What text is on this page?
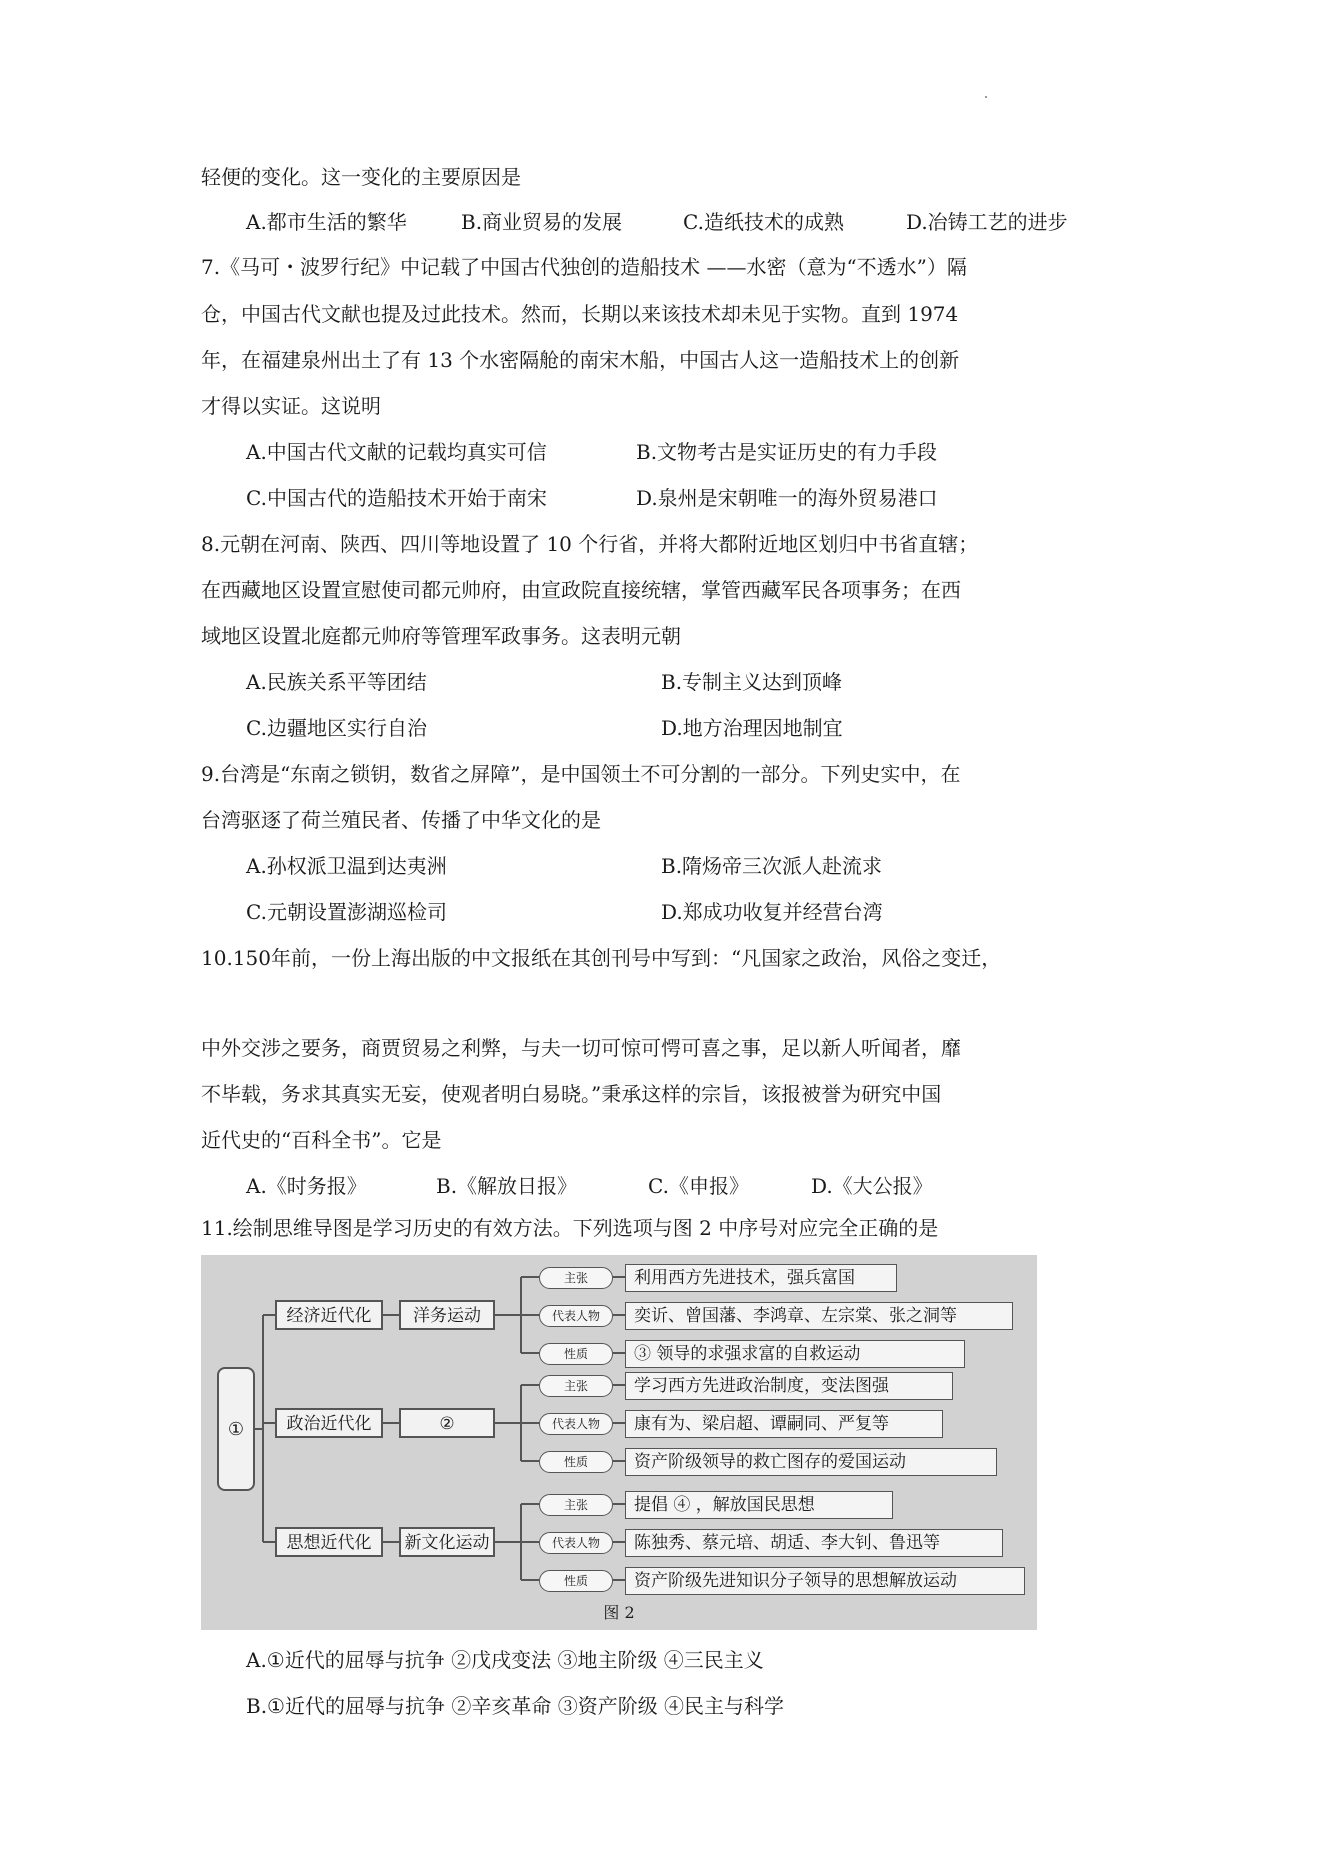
轻便的变化。这一变化的主要原因是
A.都市生活的繁华	B.商业贸易的发展	C.造纸技术的成熟	D.冶铸工艺的进步
7.《马可・波罗行纪》中记载了中国古代独创的造船技术 ——水密（意为“不透水”）隔
仓，中国古代文献也提及过此技术。然而，长期以来该技术却未见于实物。直到 1974
年，在福建泉州出土了有 13 个水密隔舱的南宋木船，中国古人这一造船技术上的创新
才得以实证。这说明
A.中国古代文献的记载均真实可信	B.文物考古是实证历史的有力手段
C.中国古代的造船技术开始于南宋	D.泉州是宋朝唯一的海外贸易港口
8.元朝在河南、陕西、四川等地设置了 10 个行省，并将大都附近地区划归中书省直辖；
在西藏地区设置宣慰使司都元帅府，由宣政院直接统辖，掌管西藏军民各项事务；在西
域地区设置北庭都元帅府等管理军政事务。这表明元朝
A.民族关系平等团结	B.专制主义达到顶峰
C.边疆地区实行自治	D.地方治理因地制宜
9.台湾是“东南之锁钥，数省之屏障”，是中国领土不可分割的一部分。下列史实中，在
台湾驱逐了荷兰殖民者、传播了中华文化的是
A.孙权派卫温到达夷洲	B.隋炀帝三次派人赴流求
C.元朝设置澎湖巡检司	D.郑成功收复并经营台湾
10.150年前，一份上海出版的中文报纸在其创刊号中写到：“凡国家之政治，风俗之变迁，
中外交涉之要务，商贾贸易之利弊，与夫一切可惊可愕可喜之事，足以新人听闻者，靡
不毕载，务求其真实无妄，使观者明白易晓。”秉承这样的宗旨，该报被誉为研究中国
近代史的“百科全书”。它是
A.《时务报》	B.《解放日报》	C.《申报》	D.《大公报》
11.绘制思维导图是学习历史的有效方法。下列选项与图 2 中序号对应完全正确的是
①
经济近代化	洋务运动
主张
代表人物
性质
利用西方先进技术，强兵富国
奕䜣、曾国藩、李鸿章、左宗棠、张之洞等
③ 领导的求强求富的自救运动
政治近代化	②
主张
代表人物
性质
学习西方先进政治制度，变法图强
康有为、梁启超、谭嗣同、严复等
资产阶级领导的救亡图存的爱国运动
思想近代化	新文化运动
主张
代表人物
性质
提倡 ④ ，解放国民思想
陈独秀、蔡元培、胡适、李大钊、鲁迅等
资产阶级先进知识分子领导的思想解放运动
图 2
A.①近代的屈辱与抗争 ②戊戌变法 ③地主阶级 ④三民主义
B.①近代的屈辱与抗争 ②辛亥革命 ③资产阶级 ④民主与科学
